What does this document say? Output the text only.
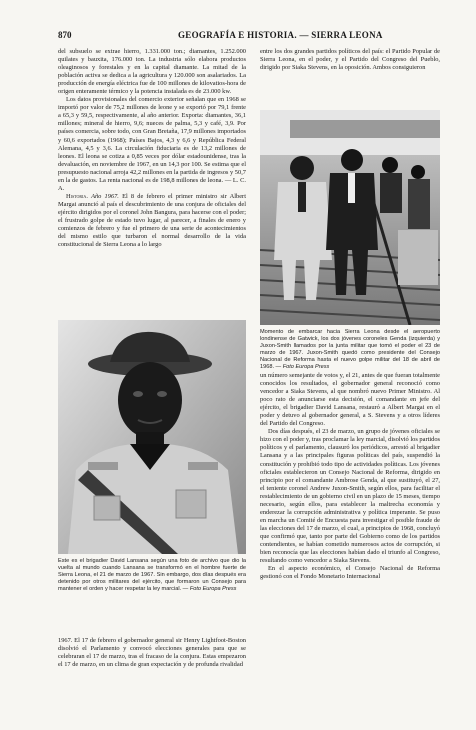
870	GEOGRAFÍA E HISTORIA. — SIERRA LEONA

del subsuelo se extrae hierro, 1.331.000 ton.; diamantes, 1.252.000 quilates y bauxita, 176.000 ton. La industria sólo elabora productos oleaginosos y forestales y en la capital diamante. La mitad de la población activa se dedica a la agricultura y 120.000 son asalariados. La producción de energía eléctrica fue de 100 millones de kilovatios-hora de origen enteramente térmico y la potencia instalada es de 23.000 kw.

Los datos provisionales del comercio exterior señalan que en 1968 se importó por valor de 75,2 millones de leone y se exportó por 79,1 frente a 65,3 y 59,5, respectivamente, al año anterior. Exporta: diamantes, 36,1 millones; mineral de hierro, 9,6; nueces de palma, 5,3 y café, 3,9. Por países comercia, sobre todo, con Gran Bretaña, 17,9 millones importados y 60,6 exportados (1968); Países Bajos, 4,3 y 6,6 y República Federal Alemana, 4,5 y 3,6. La circulación fiduciaria es de 13,2 millones de leones. El leona se cotiza a 0,85 veces por dólar estadounidense, tras la devaluación, en noviembre de 1967, en un 14,3 por 100. Se estima que el presupuesto nacional arroja 42,2 millones en la partida de ingresos y 50,7 en la de gastos. La renta nacional es de 198,8 millones de leona. — L. C. A.

Historia. Año 1967. El 8 de febrero el primer ministro sir Albert Margai anunció al país el descubrimiento de una conjura de oficiales del ejército dirigidos por el coronel John Bangura, para hacerse con el poder; el frustrado golpe de estado tuvo lugar, al parecer, a finales de enero y comienzos de febrero y fue el primero de una serie de acontecimientos del mismo estilo que turbaron el normal desarrollo de la vida constitucional de Sierra Leona a lo largo

entre los dos grandes partidos políticos del país: el Partido Popular de Sierra Leona, en el poder, y el Partido del Congreso del Pueblo, dirigido por Siaka Stevens, en la oposición. Ambos consiguieron

Momento de embarcar hacia Sierra Leona desde el aeropuerto londinense de Gatwick, los dos jóvenes coroneles Genda (izquierda) y Juxon-Smith llamados por la junta militar que tomó el poder el 23 de marzo de 1967. Juxon-Smith quedó como presidente del Consejo Nacional de Reforma hasta el nuevo golpe militar del 18 de abril de 1968. — Foto Europa Press
Este es el brigadier David Lansana según una foto de archivo que dio la vuelta al mundo cuando Lansana se transformó en el hombre fuerte de Sierra Leona, el 21 de marzo de 1967. Sin embargo, dos días después era detenido por otros militares del ejército, que formaron un Consejo para mantener el orden y hacer respetar la ley marcial. — Foto Europa Press

un número semejante de votos y, el 21, antes de que fueran totalmente conocidos los resultados, el gobernador general reconoció como vencedor a Siaka Stevens, al que nombró nuevo Primer Ministro. Al poco rato de anunciarse esta decisión, el comandante en jefe del ejército, el brigadier David Lansana, restauró a Albert Margai en el poder y detuvo al gobernador general, a S. Stevens y a otros líderes del Partido del Congreso.

Dos días después, el 23 de marzo, un grupo de jóvenes oficiales se hizo con el poder y, tras proclamar la ley marcial, disolvió los partidos políticos y el parlamento, clausuró los periódicos, arrestó al brigadier Lansana y a las principales figuras políticas del país, suspendió la constitución y prohibió todo tipo de actividades políticas. Los jóvenes oficiales establecieron un Consejo Nacional de Reforma, dirigido en principio por el comandante Ambrose Genda, al que sustituyó, el 27, el teniente coronel Andrew Juxon-Smith, según ellos, para facilitar el restablecimiento de un gobierno civil en un plazo de 15 meses, tiempo necesario, según ellos, para establecer la maltrecha economía y enderezar la corrupción administrativa y política imperante. Se puso en marcha un Comité de Encuesta para investigar el posible fraude de las elecciones del 17 de marzo, el cual, a principios de 1968, concluyó que confirmó que, tanto por parte del Gobierno como de los partidos contendientes, se habían cometido numerosos actos de corrupción, si bien reconocía que las elecciones habían dado el triunfo al Congreso, resultando como vencedor a Siaka Stevens.

En el aspecto económico, el Consejo Nacional de Reforma gestionó con el Fondo Monetario Internacional

1967. El 17 de febrero el gobernador general sir Henry Lightfoot-Boston disolvió el Parlamento y convocó elecciones generales para que se celebraran el 17 de marzo, tras el fracaso de la conjura. Estas empezaron el 17 de marzo, en un clima de gran expectación y de profunda rivalidad
